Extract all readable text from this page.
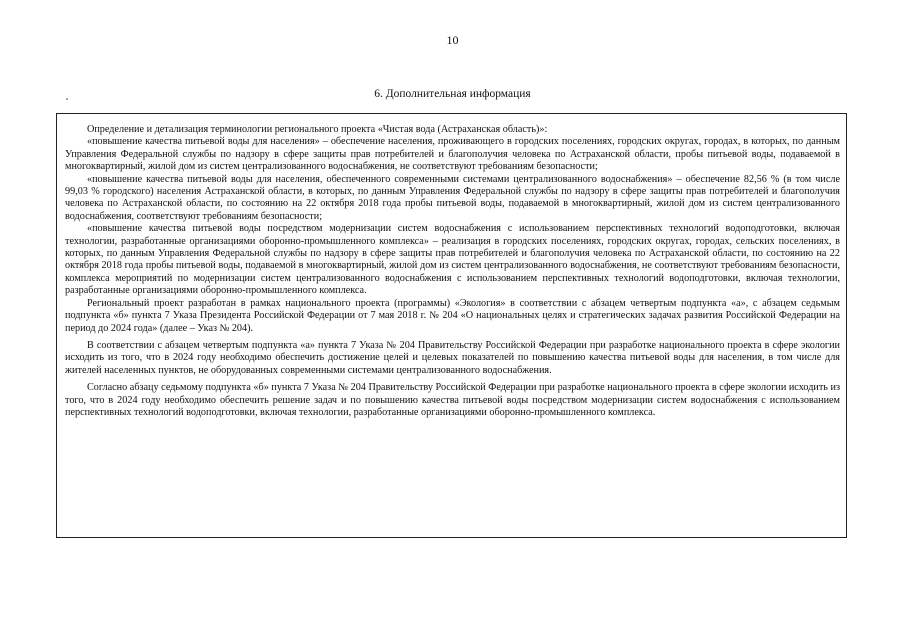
10
6. Дополнительная информация

Определение и детализация терминологии регионального проекта «Чистая вода (Астраханская область)»:

«повышение качества питьевой воды для населения» – обеспечение населения, проживающего в городских поселениях, городских округах, городах, в которых, по данным Управления Федеральной службы по надзору в сфере защиты прав потребителей и благополучия человека по Астраханской области, пробы питьевой воды, подаваемой в многоквартирный, жилой дом из систем централизованного водоснабжения, не соответствуют требованиям безопасности;

«повышение качества питьевой воды для населения, обеспеченного современными системами централизованного водоснабжения» – обеспечение 82,56 % (в том числе 99,03 % городского) населения Астраханской области, в которых, по данным Управления Федеральной службы по надзору в сфере защиты прав потребителей и благополучия человека по Астраханской области, по состоянию на 22 октября 2018 года пробы питьевой воды, подаваемой в многоквартирный, жилой дом из систем централизованного водоснабжения, соответствуют требованиям безопасности;

«повышение качества питьевой воды посредством модернизации систем водоснабжения с использованием перспективных технологий водоподготовки, включая технологии, разработанные организациями оборонно-промышленного комплекса» – реализация в городских поселениях, городских округах, городах, сельских поселениях, в которых, по данным Управления Федеральной службы по надзору в сфере защиты прав потребителей и благополучия человека по Астраханской области, по состоянию на 22 октября 2018 года пробы питьевой воды, подаваемой в многоквартирный, жилой дом из систем централизованного водоснабжения, не соответствуют требованиям безопасности, комплекса мероприятий по модернизации систем централизованного водоснабжения с использованием перспективных технологий водоподготовки, включая технологии, разработанные организациями оборонно-промышленного комплекса.

Региональный проект разработан в рамках национального проекта (программы) «Экология» в соответствии с абзацем четвертым подпункта «а», с абзацем седьмым подпункта «б» пункта 7 Указа Президента Российской Федерации от 7 мая 2018 г. № 204 «О национальных целях и стратегических задачах развития Российской Федерации на период до 2024 года» (далее – Указ № 204).

В соответствии с абзацем четвертым подпункта «а» пункта 7 Указа № 204 Правительству Российской Федерации при разработке национального проекта в сфере экологии исходить из того, что в 2024 году необходимо обеспечить достижение целей и целевых показателей по повышению качества питьевой воды для населения, в том числе для жителей населенных пунктов, не оборудованных современными системами централизованного водоснабжения.

Согласно абзацу седьмому подпункта «б» пункта 7 Указа № 204 Правительству Российской Федерации при разработке национального проекта в сфере экологии исходить из того, что в 2024 году необходимо обеспечить решение задач и по повышению качества питьевой воды посредством модернизации систем водоснабжения с использованием перспективных технологий водоподготовки, включая технологии, разработанные организациями оборонно-промышленного комплекса.
